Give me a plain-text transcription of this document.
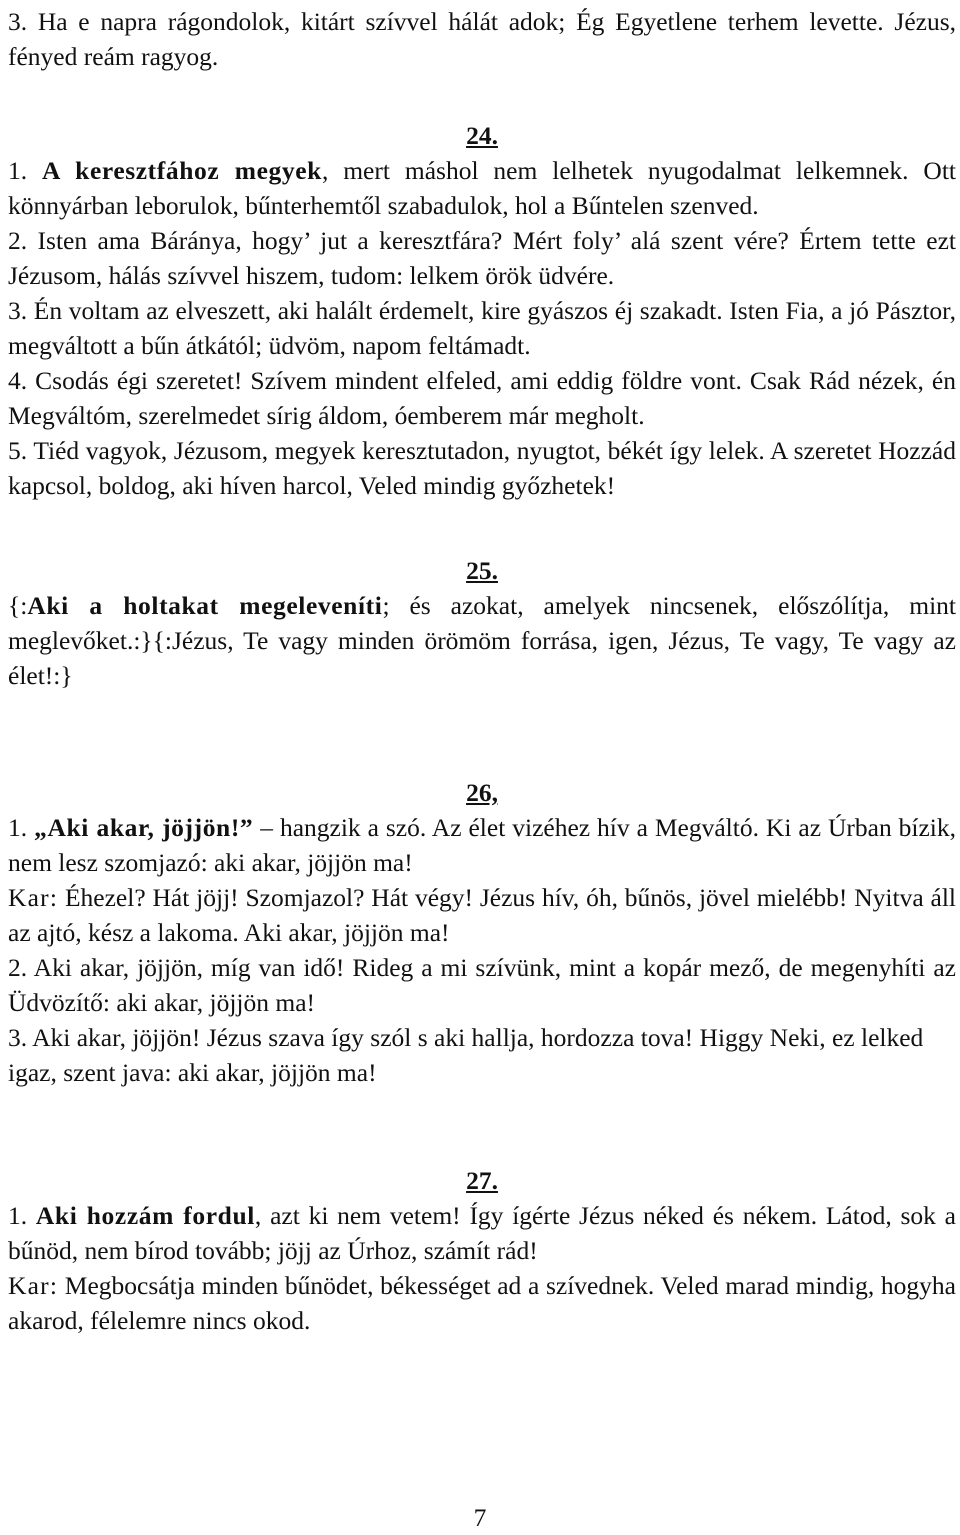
3. Ha e napra rágondolok, kitárt szívvel hálát adok; Ég Egyetlene terhem levette. Jézus, fényed reám ragyog.

24.

1. A keresztfához megyek, mert máshol nem lelhetek nyugodalmat lelkemnek. Ott könnyárban leborulok, bűnterhemtől szabadulok, hol a Bűntelen szenved.

2. Isten ama Báránya, hogy’ jut a keresztfára? Mért foly’ alá szent vére? Értem tette ezt Jézusom, hálás szívvel hiszem, tudom: lelkem örök üdvére.

3. Én voltam az elveszett, aki halált érdemelt, kire gyászos éj szakadt. Isten Fia, a jó Pásztor, megváltott a bűn átkától; üdvöm, napom feltámadt.

4. Csodás égi szeretet! Szívem mindent elfeled, ami eddig földre vont. Csak Rád nézek, én Megváltóm, szerelmedet sírig áldom, óemberem már megholt.

5. Tiéd vagyok, Jézusom, megyek keresztutadon, nyugtot, békét így lelek. A szeretet Hozzád kapcsol, boldog, aki híven harcol, Veled mindig győzhetek!

25.

{:Aki a holtakat megeleveníti; és azokat, amelyek nincsenek, előszólítja, mint meglevőket.:}{:Jézus, Te vagy minden örömöm forrása, igen, Jézus, Te vagy, Te vagy az élet!:}

26,

1. „Aki akar, jöjjön!” – hangzik a szó. Az élet vizéhez hív a Megváltó. Ki az Úrban bízik, nem lesz szomjazó: aki akar, jöjjön ma!

Kar: Éhezel? Hát jöjj! Szomjazol? Hát végy! Jézus hív, óh, bűnös, jövel mielébb! Nyitva áll az ajtó, kész a lakoma. Aki akar, jöjjön ma!

2. Aki akar, jöjjön, míg van idő! Rideg a mi szívünk, mint a kopár mező, de megenyhíti az Üdvözítő: aki akar, jöjjön ma!

3. Aki akar, jöjjön! Jézus szava így szól s aki hallja, hordozza tova! Higgy Neki, ez lelked igaz, szent java: aki akar, jöjjön ma!

27.

1. Aki hozzám fordul, azt ki nem vetem! Így ígérte Jézus néked és nékem. Látod, sok a bűnöd, nem bírod tovább; jöjj az Úrhoz, számít rád!

Kar: Megbocsátja minden bűnödet, békességet ad a szívednek. Veled marad mindig, hogyha akarod, félelemre nincs okod.

7
